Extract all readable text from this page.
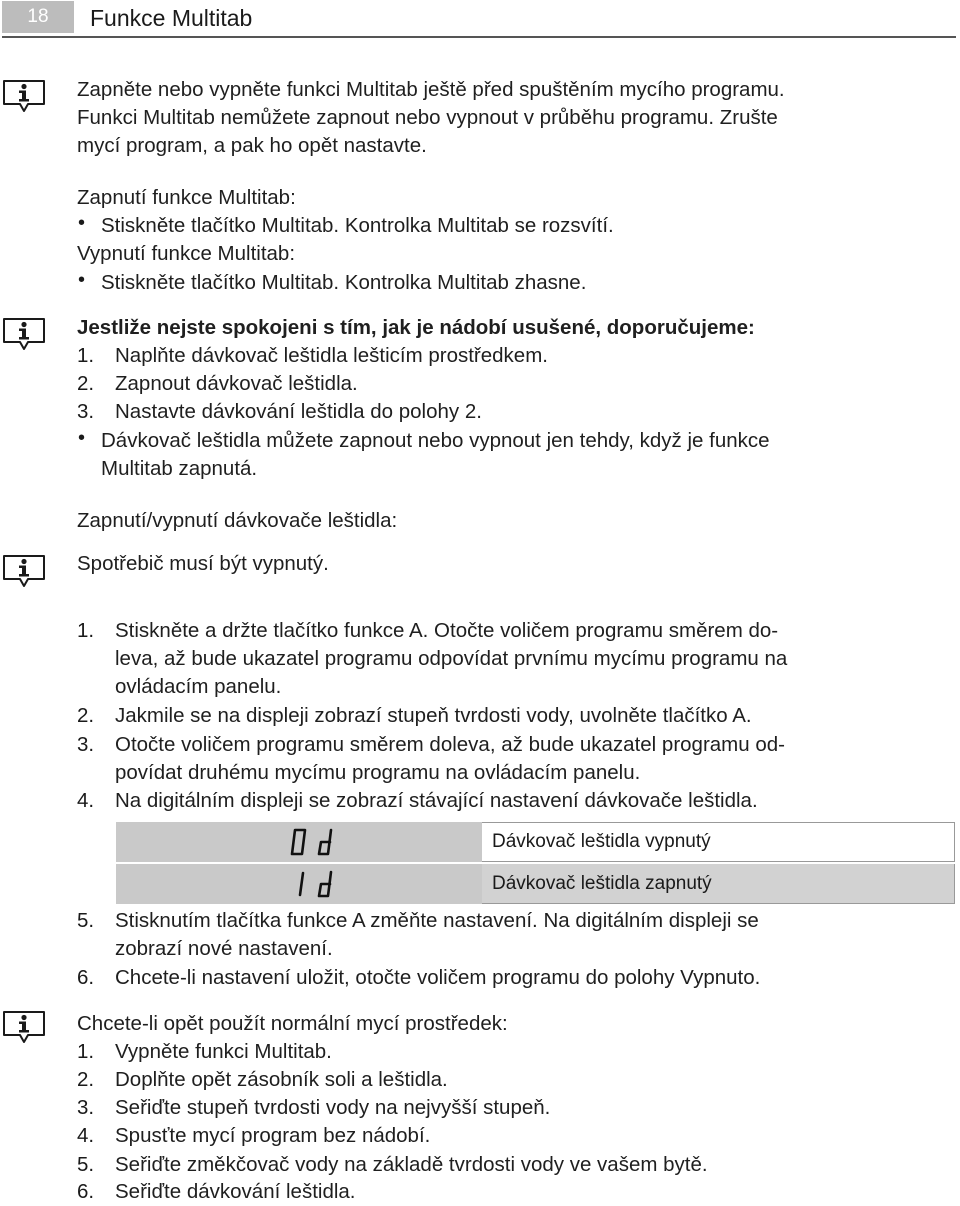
18	Funkce Multitab
Zapněte nebo vypněte funkci Multitab ještě před spuštěním mycího programu.
Funkci Multitab nemůžete zapnout nebo vypnout v průběhu programu. Zrušte
mycí program, a pak ho opět nastavte.
Zapnutí funkce Multitab:
• Stiskněte tlačítko Multitab. Kontrolka Multitab se rozsvítí.
Vypnutí funkce Multitab:
• Stiskněte tlačítko Multitab. Kontrolka Multitab zhasne.
Jestliže nejste spokojeni s tím, jak je nádobí usušené, doporučujeme:
1. Naplňte dávkovač leštidla lešticím prostředkem.
2. Zapnout dávkovač leštidla.
3. Nastavte dávkování leštidla do polohy 2.
• Dávkovač leštidla můžete zapnout nebo vypnout jen tehdy, když je funkce
Multitab zapnutá.
Zapnutí/vypnutí dávkovače leštidla:
Spotřebič musí být vypnutý.
1. Stiskněte a držte tlačítko funkce A. Otočte voličem programu směrem do-
leva, až bude ukazatel programu odpovídat prvnímu mycímu programu na
ovládacím panelu.
2. Jakmile se na displeji zobrazí stupeň tvrdosti vody, uvolněte tlačítko A.
3. Otočte voličem programu směrem doleva, až bude ukazatel programu od-
povídat druhému mycímu programu na ovládacím panelu.
4. Na digitálním displeji se zobrazí stávající nastavení dávkovače leštidla.
Dávkovač leštidla vypnutý
Dávkovač leštidla zapnutý
5. Stisknutím tlačítka funkce A změňte nastavení. Na digitálním displeji se
zobrazí nové nastavení.
6. Chcete-li nastavení uložit, otočte voličem programu do polohy Vypnuto.
Chcete-li opět použít normální mycí prostředek:
1. Vypněte funkci Multitab.
2. Doplňte opět zásobník soli a leštidla.
3. Seřiďte stupeň tvrdosti vody na nejvyšší stupeň.
4. Spusťte mycí program bez nádobí.
5. Seřiďte změkčovač vody na základě tvrdosti vody ve vašem bytě.
6. Seřiďte dávkování leštidla.
